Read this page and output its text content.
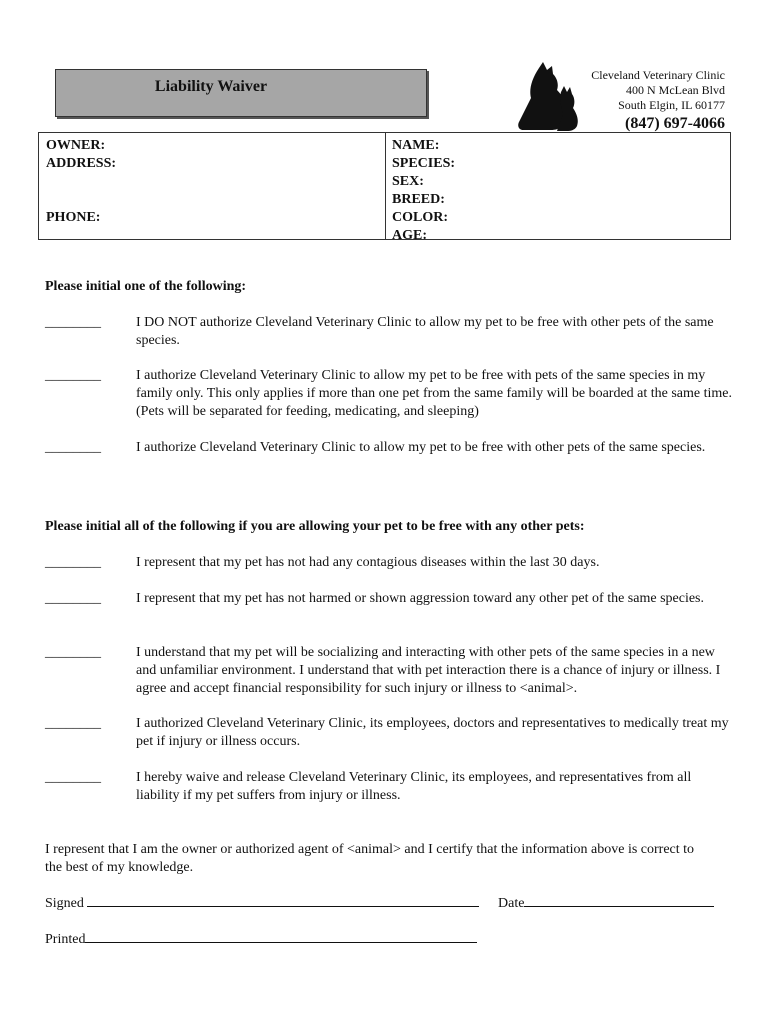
Liability Waiver
Cleveland Veterinary Clinic
400 N McLean Blvd
South Elgin, IL 60177
(847) 697-4066
OWNER:
ADDRESS:
PHONE:
NAME:
SPECIES:
SEX:
BREED:
COLOR:
AGE:
Please initial one of the following:
________	I DO NOT authorize Cleveland Veterinary Clinic to allow my pet to be free with other pets of the same species.
________	I authorize Cleveland Veterinary Clinic to allow my pet to be free with pets of the same species in my family only. This only applies if more than one pet from the same family will be boarded at the same time. (Pets will be separated for feeding, medicating, and sleeping)
________	I authorize Cleveland Veterinary Clinic to allow my pet to be free with other pets of the same species.
Please initial all of the following if you are allowing your pet to be free with any other pets:
________	I represent that my pet has not had any contagious diseases within the last 30 days.
________	I represent that my pet has not harmed or shown aggression toward any other pet of the same species.
________	I understand that my pet will be socializing and interacting with other pets of the same species in a new and unfamiliar environment. I understand that with pet interaction there is a chance of injury or illness. I agree and accept financial responsibility for such injury or illness to <animal>.
________	I authorized Cleveland Veterinary Clinic, its employees, doctors and representatives to medically treat my pet if injury or illness occurs.
________	I hereby waive and release Cleveland Veterinary Clinic, its employees, and representatives from all liability if my pet suffers from injury or illness.
I represent that I am the owner or authorized agent of <animal> and I certify that the information above is correct to the best of my knowledge.
Signed	Date
Printed
